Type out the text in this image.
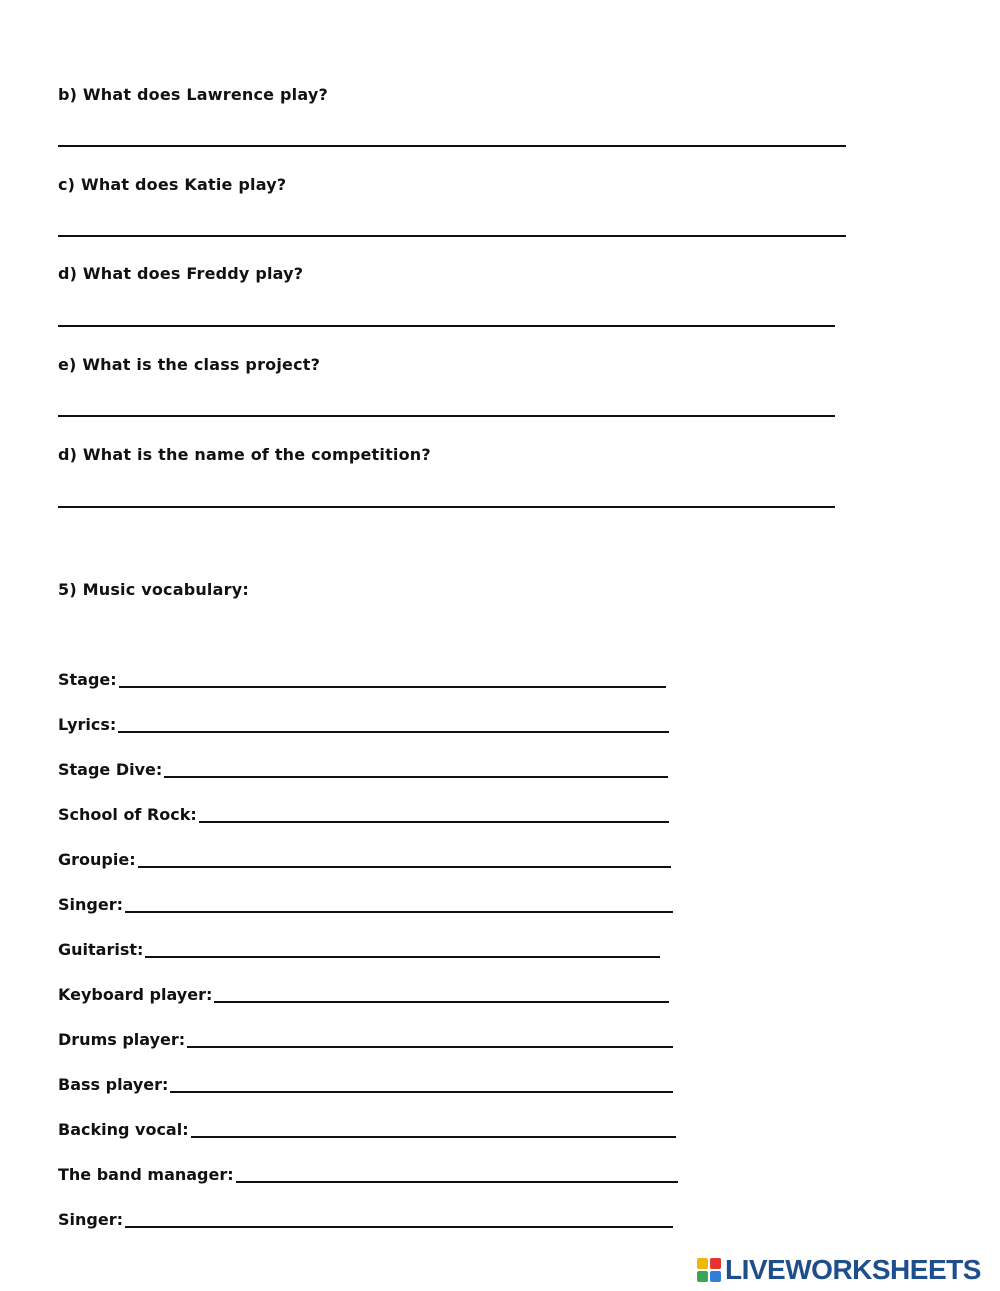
b) What does Lawrence play?
c) What does Katie play?
d) What does Freddy play?
e) What is the class project?
d) What is the name of the competition?
5) Music vocabulary:
Stage:
Lyrics:
Stage Dive:
School of Rock:
Groupie:
Singer:
Guitarist:
Keyboard player:
Drums player:
Bass player:
Backing vocal:
The band manager:
Singer:
LIVEWORKSHEETS
